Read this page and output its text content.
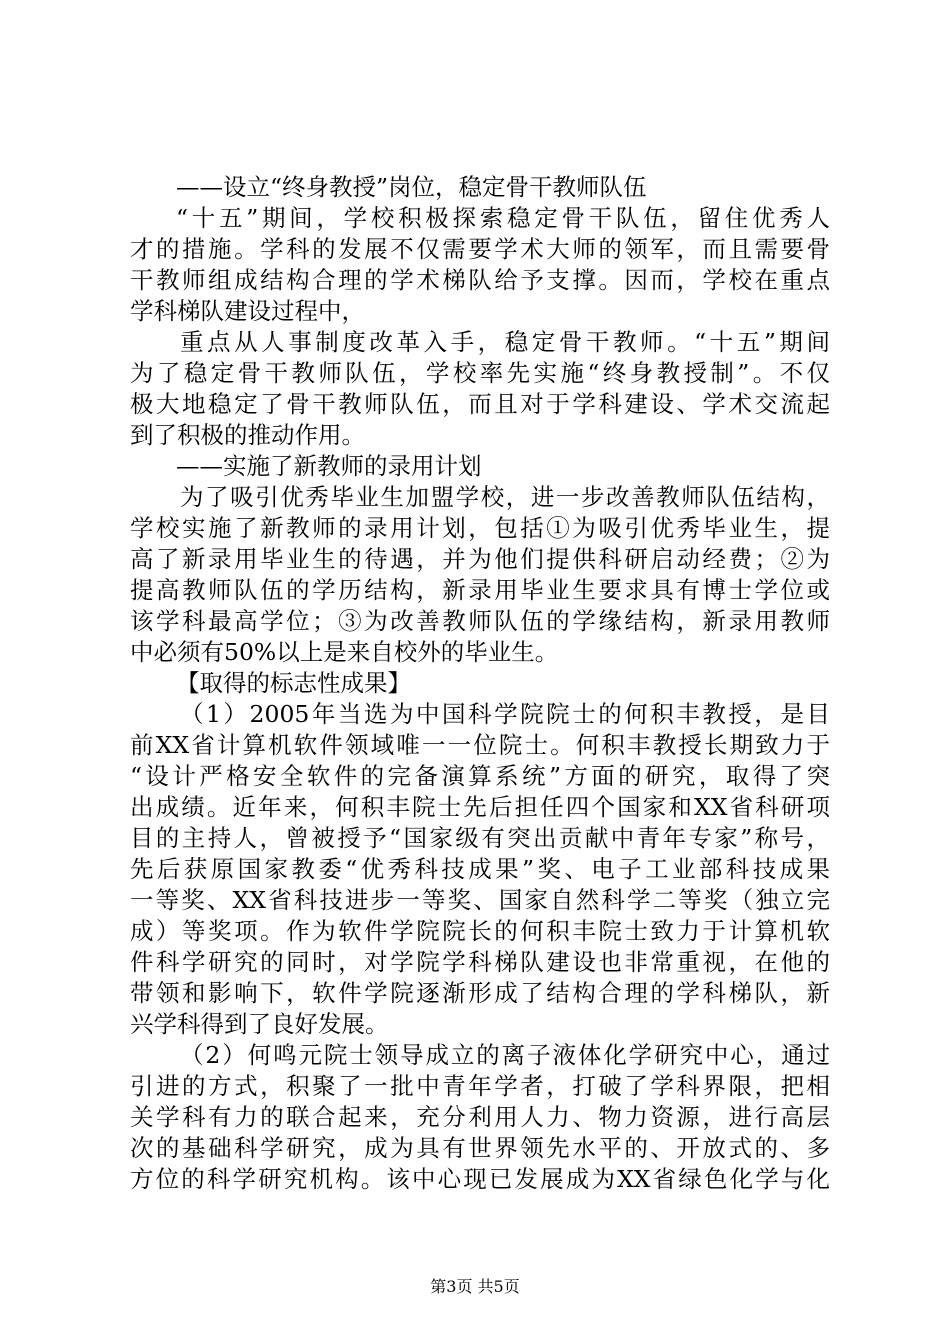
——设立“终身教授”岗位，稳定骨干教师队伍
“十五”期间，学校积极探索稳定骨干队伍，留住优秀人
才的措施。学科的发展不仅需要学术大师的领军，而且需要骨
干教师组成结构合理的学术梯队给予支撑。因而，学校在重点
学科梯队建设过程中，
重点从人事制度改革入手，稳定骨干教师。“十五”期间
为了稳定骨干教师队伍，学校率先实施“终身教授制”。不仅
极大地稳定了骨干教师队伍，而且对于学科建设、学术交流起
到了积极的推动作用。
——实施了新教师的录用计划
为了吸引优秀毕业生加盟学校，进一步改善教师队伍结构，
学校实施了新教师的录用计划，包括①为吸引优秀毕业生，提
高了新录用毕业生的待遇，并为他们提供科研启动经费；②为
提高教师队伍的学历结构，新录用毕业生要求具有博士学位或
该学科最高学位；③为改善教师队伍的学缘结构，新录用教师
中必须有50%以上是来自校外的毕业生。
【取得的标志性成果】
（1）2005年当选为中国科学院院士的何积丰教授，是目
前XX省计算机软件领域唯一一位院士。何积丰教授长期致力于
“设计严格安全软件的完备演算系统”方面的研究，取得了突
出成绩。近年来，何积丰院士先后担任四个国家和XX省科研项
目的主持人，曾被授予“国家级有突出贡献中青年专家”称号，
先后获原国家教委“优秀科技成果”奖、电子工业部科技成果
一等奖、XX省科技进步一等奖、国家自然科学二等奖（独立完
成）等奖项。作为软件学院院长的何积丰院士致力于计算机软
件科学研究的同时，对学院学科梯队建设也非常重视，在他的
带领和影响下，软件学院逐渐形成了结构合理的学科梯队，新
兴学科得到了良好发展。
（2）何鸣元院士领导成立的离子液体化学研究中心，通过
引进的方式，积聚了一批中青年学者，打破了学科界限，把相
关学科有力的联合起来，充分利用人力、物力资源，进行高层
次的基础科学研究，成为具有世界领先水平的、开放式的、多
方位的科学研究机构。该中心现已发展成为XX省绿色化学与化
第3页 共5页
